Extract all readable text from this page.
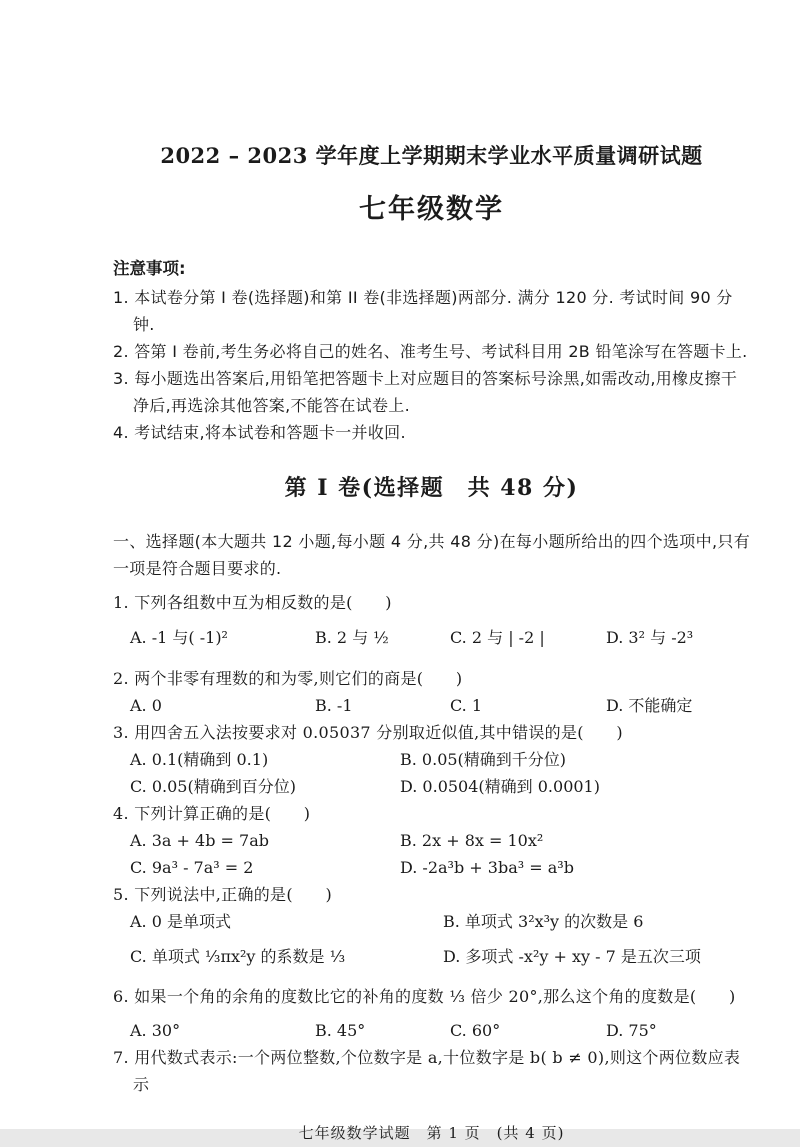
2022 – 2023 学年度上学期期末学业水平质量调研试题
七年级数学
注意事项:
1. 本试卷分第 I 卷(选择题)和第 II 卷(非选择题)两部分. 满分 120 分. 考试时间 90 分钟.
2. 答第 I 卷前,考生务必将自己的姓名、准考生号、考试科目用 2B 铅笔涂写在答题卡上.
3. 每小题选出答案后,用铅笔把答题卡上对应题目的答案标号涂黑,如需改动,用橡皮擦干净后,再选涂其他答案,不能答在试卷上.
4. 考试结束,将本试卷和答题卡一并收回.
第 I 卷(选择题　共 48 分)
一、选择题(本大题共 12 小题,每小题 4 分,共 48 分)在每小题所给出的四个选项中,只有一项是符合题目要求的.
1. 下列各组数中互为相反数的是(　　)
A. -1 与( -1)²	B. 2 与 ½	C. 2 与 | -2 |	D. 3² 与 -2³
2. 两个非零有理数的和为零,则它们的商是(　　)
A. 0	B. -1	C. 1	D. 不能确定
3. 用四舍五入法按要求对 0.05037 分别取近似值,其中错误的是(　　)
A. 0.1(精确到 0.1)	B. 0.05(精确到千分位)
C. 0.05(精确到百分位)	D. 0.0504(精确到 0.0001)
4. 下列计算正确的是(　　)
A. 3a + 4b = 7ab	B. 2x + 8x = 10x²
C. 9a³ - 7a³ = 2	D. -2a³b + 3ba³ = a³b
5. 下列说法中,正确的是(　　)
A. 0 是单项式	B. 单项式 3²x³y 的次数是 6
C. 单项式 ⅓πx²y 的系数是 ⅓	D. 多项式 -x²y + xy - 7 是五次三项
6. 如果一个角的余角的度数比它的补角的度数 ⅓ 倍少 20°,那么这个角的度数是(　　)
A. 30°	B. 45°	C. 60°	D. 75°
7. 用代数式表示:一个两位整数,个位数字是 a,十位数字是 b( b ≠ 0),则这个两位数应表示
七年级数学试题　第 1 页　(共 4 页)
